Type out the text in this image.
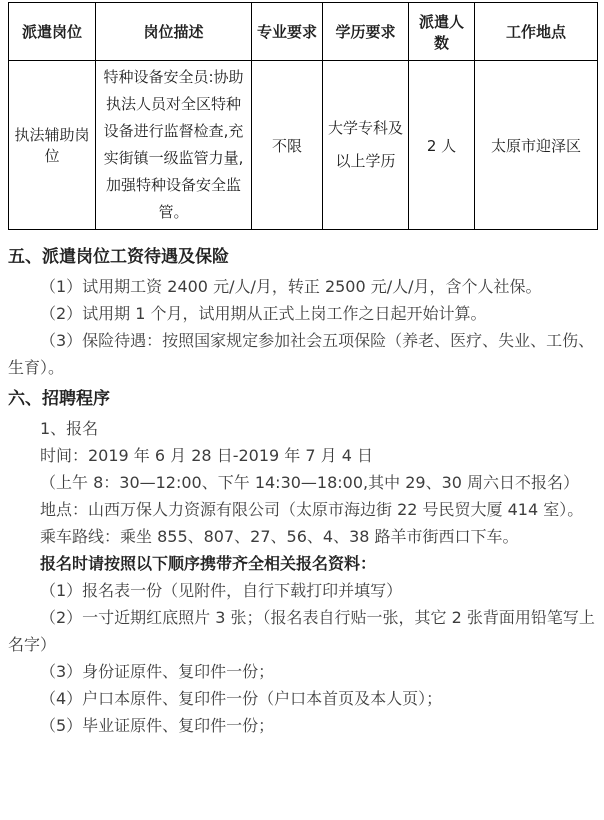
派遣岗位	岗位描述	专业要求	学历要求	派遣人数	工作地点
执法辅助岗位	特种设备安全员:协助执法人员对全区特种设备进行监督检查,充实街镇一级监管力量,加强特种设备安全监管。	不限	大学专科及以上学历	2 人	太原市迎泽区
五、派遣岗位工资待遇及保险

（1）试用期工资 2400 元/人/月，转正 2500 元/人/月，含个人社保。

（2）试用期 1 个月，试用期从正式上岗工作之日起开始计算。

（3）保险待遇：按照国家规定参加社会五项保险（养老、医疗、失业、工伤、生育）。

六、招聘程序

1、报名

时间：2019 年 6 月 28 日-2019 年 7 月 4 日

（上午 8：30—12:00、下午 14:30—18:00,其中 29、30 周六日不报名）

地点：山西万保人力资源有限公司（太原市海边街 22 号民贸大厦 414 室）。

乘车路线：乘坐 855、807、27、56、4、38 路羊市街西口下车。

报名时请按照以下顺序携带齐全相关报名资料：

（1）报名表一份（见附件，自行下载打印并填写）

（2）一寸近期红底照片 3 张；（报名表自行贴一张，其它 2 张背面用铅笔写上名字）

（3）身份证原件、复印件一份；

（4）户口本原件、复印件一份（户口本首页及本人页）；

（5）毕业证原件、复印件一份；
